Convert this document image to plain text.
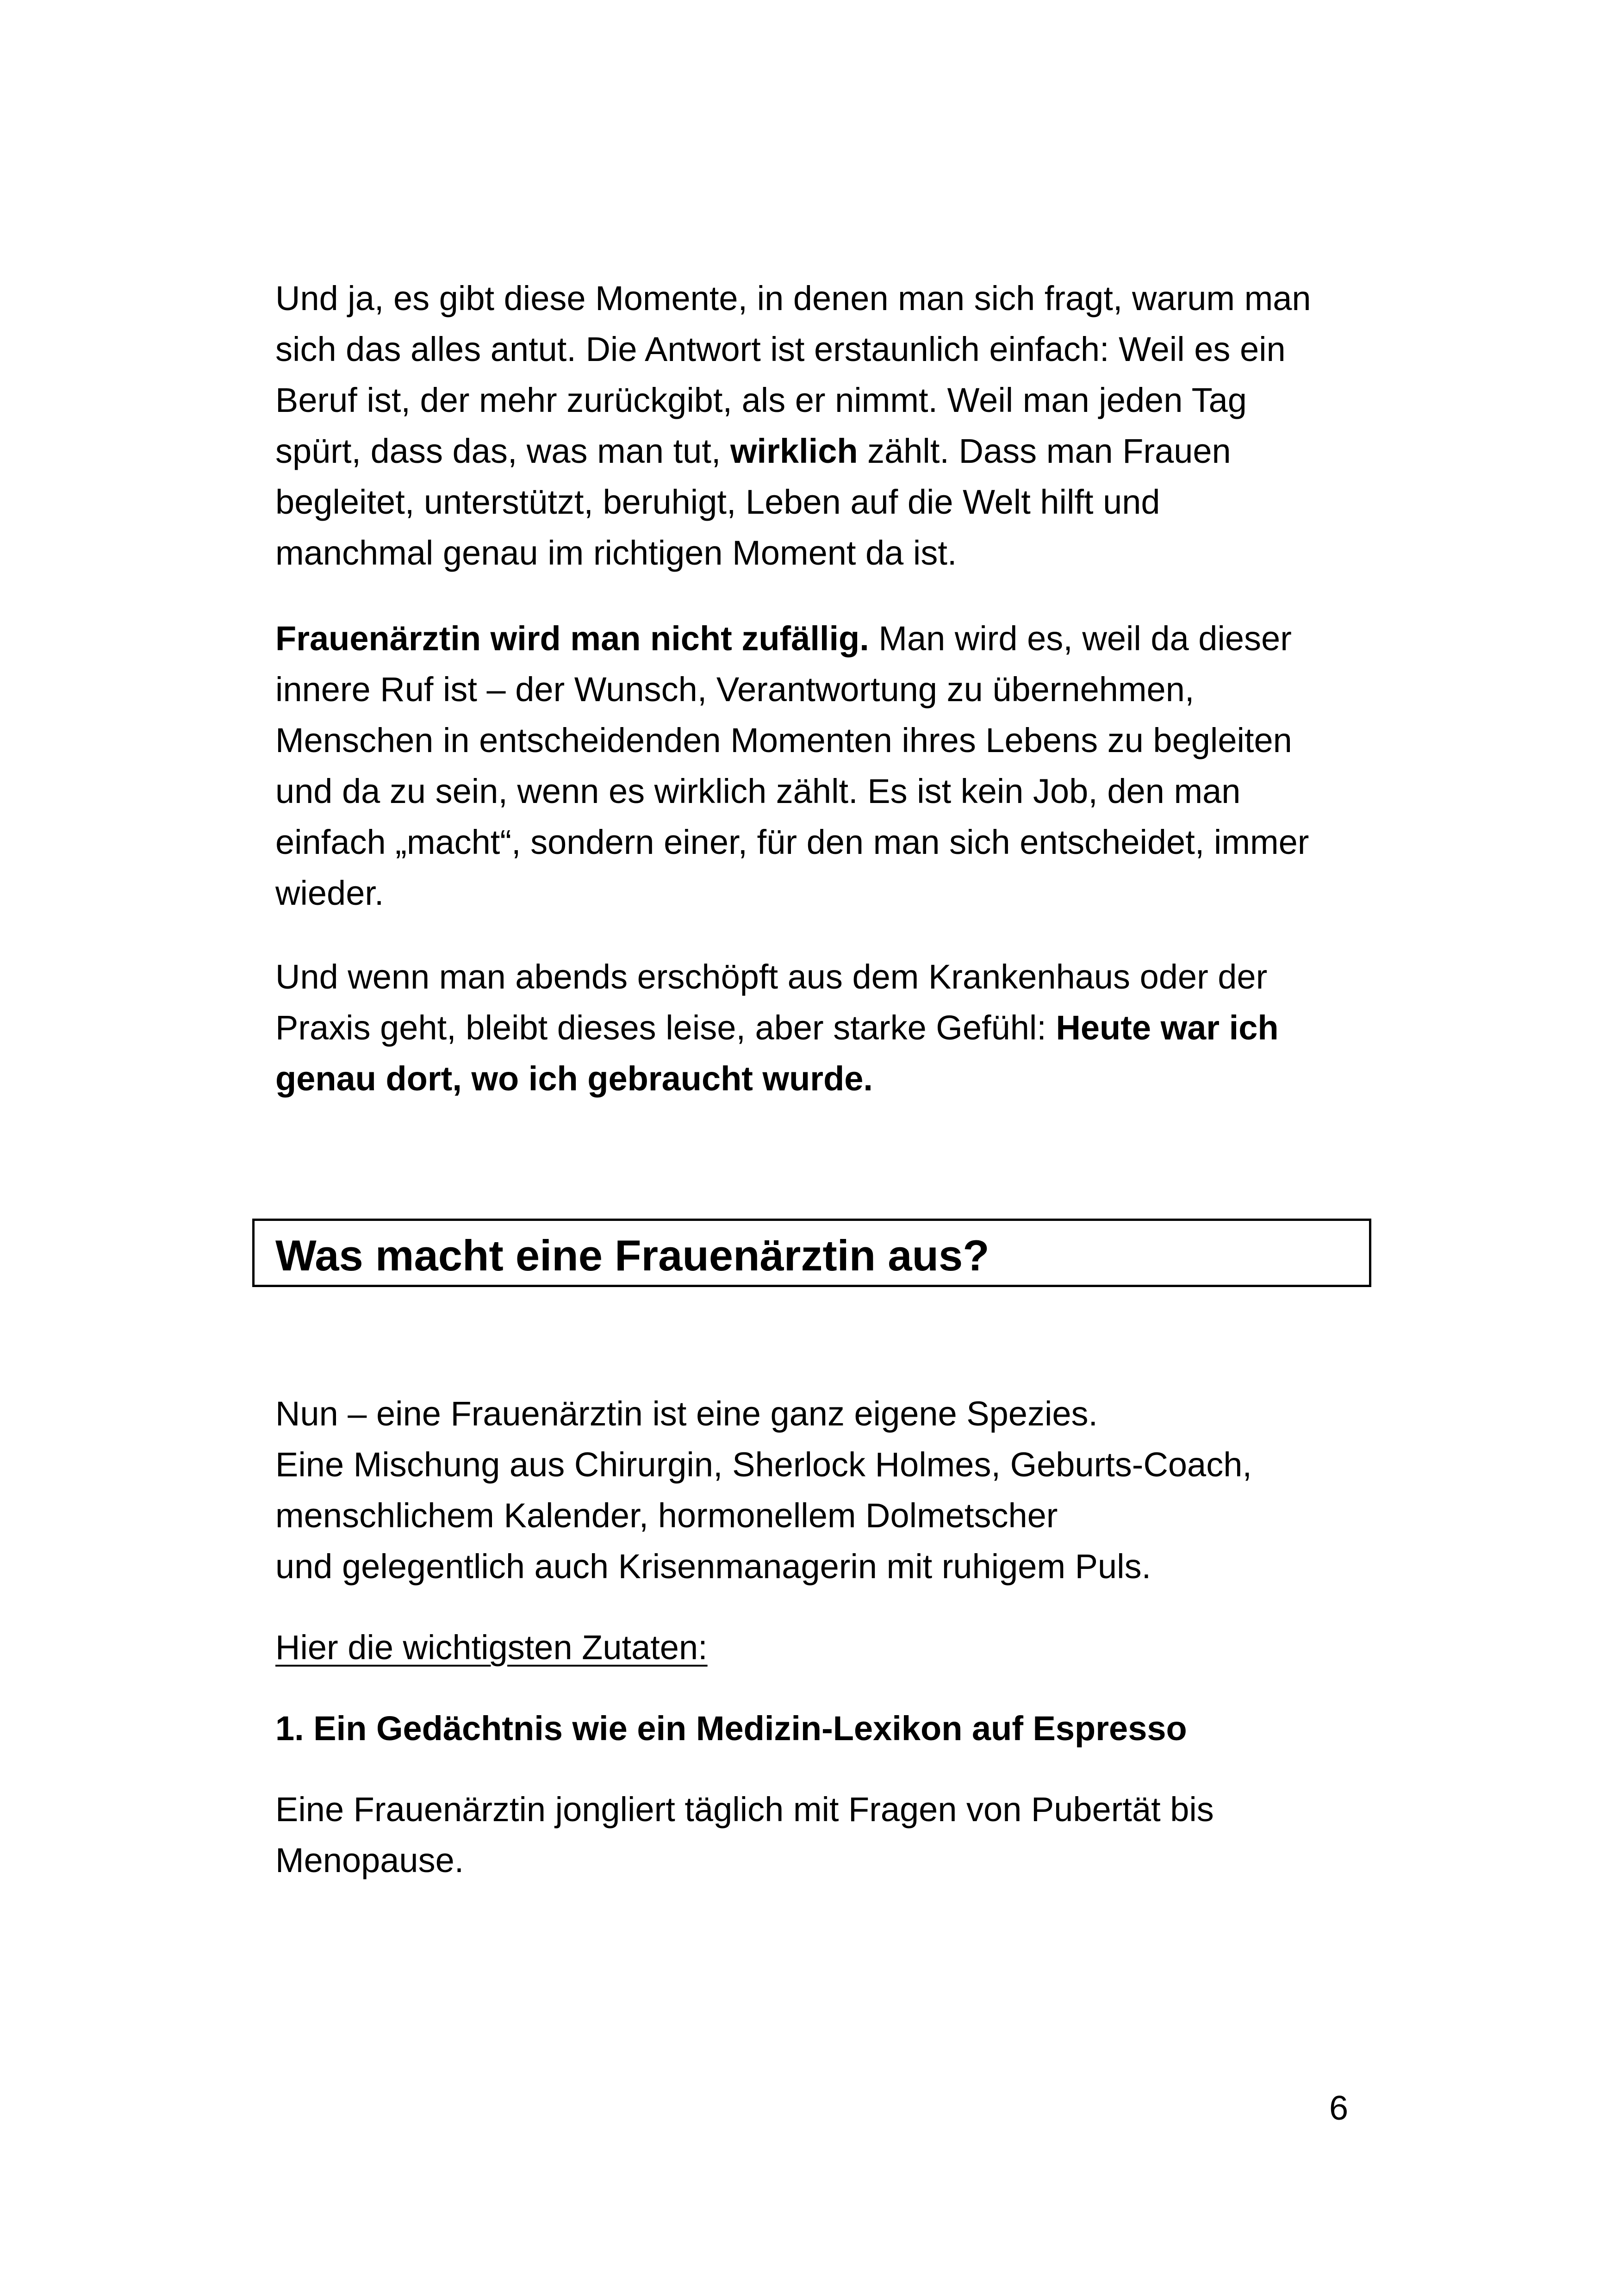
Und ja, es gibt diese Momente, in denen man sich fragt, warum man
sich das alles antut. Die Antwort ist erstaunlich einfach: Weil es ein
Beruf ist, der mehr zurückgibt, als er nimmt. Weil man jeden Tag
spürt, dass das, was man tut, wirklich zählt. Dass man Frauen
begleitet, unterstützt, beruhigt, Leben auf die Welt hilft und
manchmal genau im richtigen Moment da ist.

Frauenärztin wird man nicht zufällig. Man wird es, weil da dieser
innere Ruf ist – der Wunsch, Verantwortung zu übernehmen,
Menschen in entscheidenden Momenten ihres Lebens zu begleiten
und da zu sein, wenn es wirklich zählt. Es ist kein Job, den man
einfach „macht“, sondern einer, für den man sich entscheidet, immer
wieder.

Und wenn man abends erschöpft aus dem Krankenhaus oder der
Praxis geht, bleibt dieses leise, aber starke Gefühl: Heute war ich
genau dort, wo ich gebraucht wurde.

Was macht eine Frauenärztin aus?

Nun – eine Frauenärztin ist eine ganz eigene Spezies.
Eine Mischung aus Chirurgin, Sherlock Holmes, Geburts-Coach,
menschlichem Kalender, hormonellem Dolmetscher
und gelegentlich auch Krisenmanagerin mit ruhigem Puls.

Hier die wichtigsten Zutaten:

1. Ein Gedächtnis wie ein Medizin-Lexikon auf Espresso

Eine Frauenärztin jongliert täglich mit Fragen von Pubertät bis
Menopause.

6
